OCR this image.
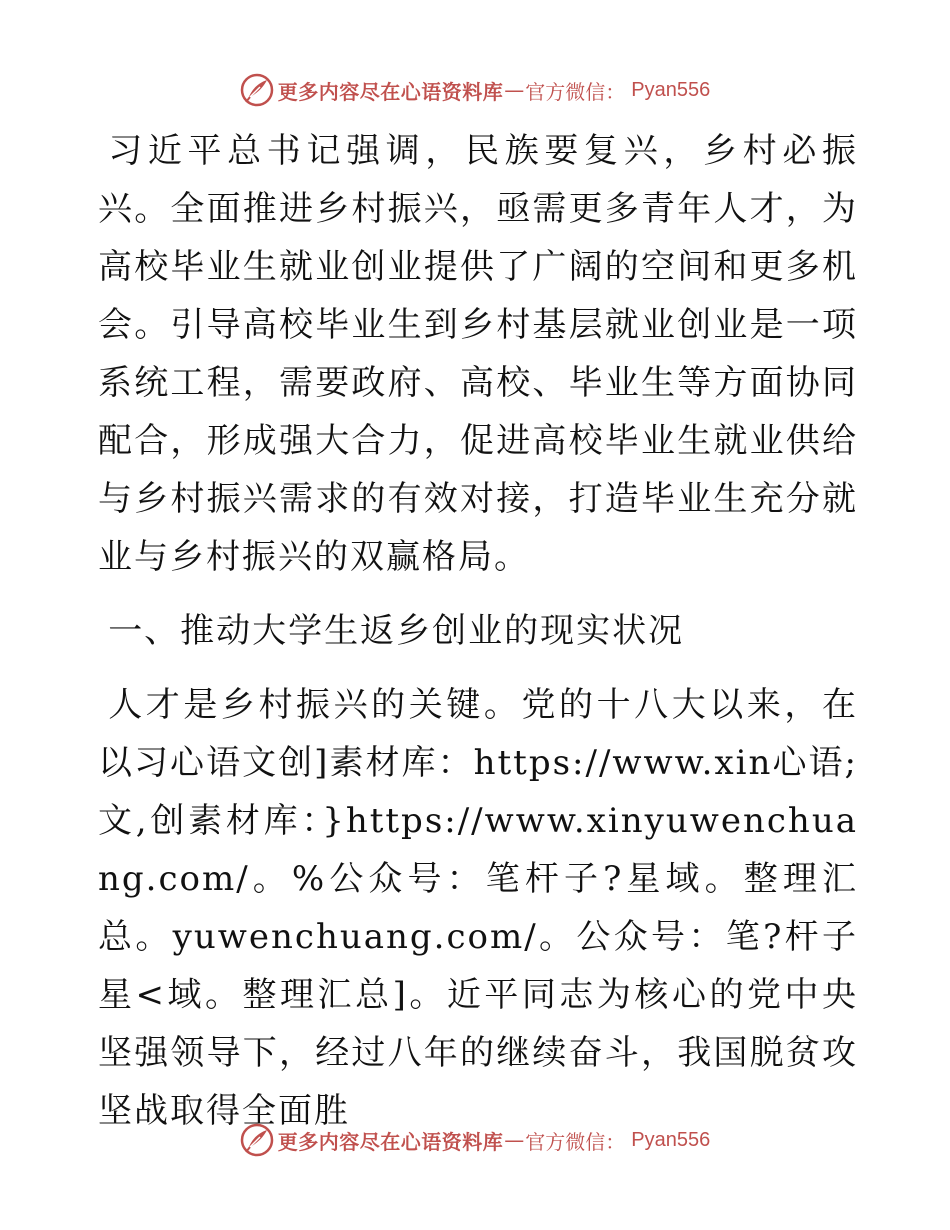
更多内容尽在心语资料库 — 官方微信： Pyan556

习近平总书记强调，民族要复兴，乡村必振兴。全面推进乡村振兴，亟需更多青年人才，为高校毕业生就业创业提供了广阔的空间和更多机会。引导高校毕业生到乡村基层就业创业是一项系统工程，需要政府、高校、毕业生等方面协同配合，形成强大合力，促进高校毕业生就业供给与乡村振兴需求的有效对接，打造毕业生充分就业与乡村振兴的双赢格局。

一、推动大学生返乡创业的现实状况

人才是乡村振兴的关键。党的十八大以来，在以习心语文创]素材库：https://www.xin心语;文,创素材库：}https://www.xinyuwenchuang.com/。%公众号：笔杆子?星域。整理汇总。yuwenchuang.com/。公众号：笔?杆子星<域。整理汇总]。近平同志为核心的党中央坚强领导下，经过八年的继续奋斗，我国脱贫攻坚战取得全面胜

更多内容尽在心语资料库 — 官方微信： Pyan556
